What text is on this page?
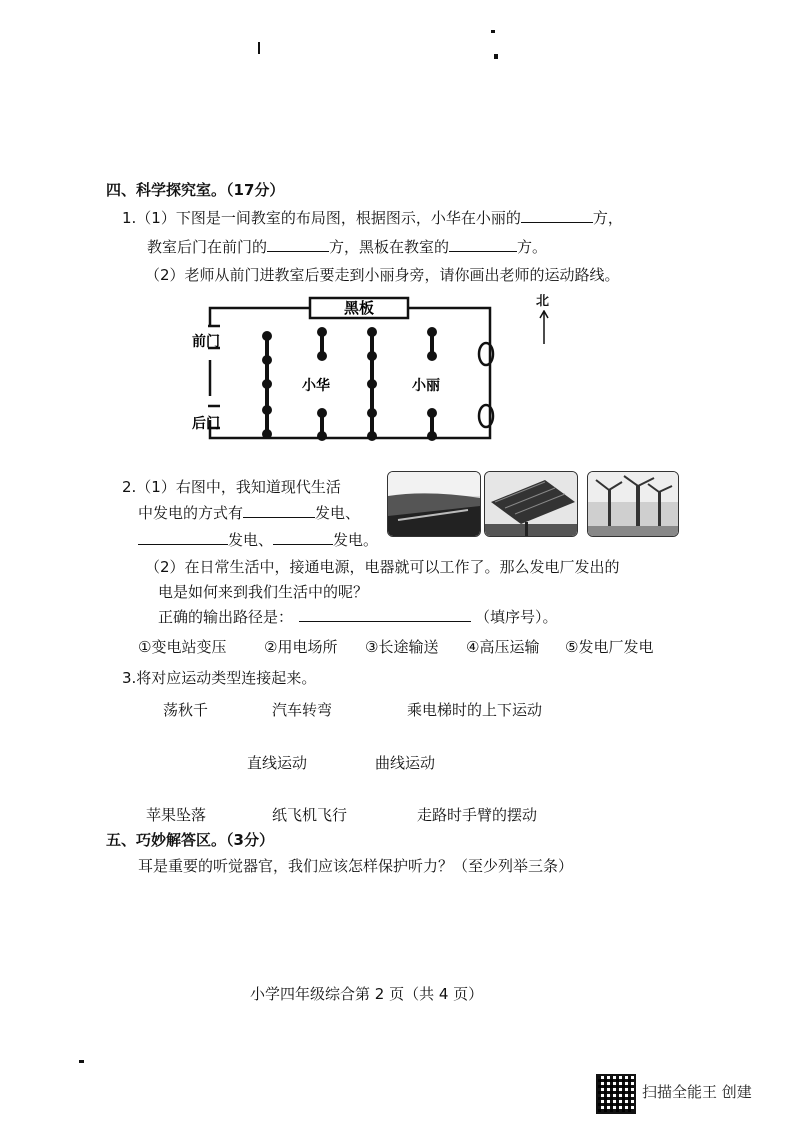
四、科学探究室。（17分）
1.（1）下图是一间教室的布局图，根据图示，小华在小丽的	方，
教室后门在前门的	方，黑板在教室的	方。
（2）老师从前门进教室后要走到小丽身旁，请你画出老师的运动路线。
黑板
前门
后门
小华	小丽
北
2.（1）右图中，我知道现代生活
中发电的方式有	发电、
发电、	发电。
（2）在日常生活中，接通电源，电器就可以工作了。那么发电厂发出的
电是如何来到我们生活中的呢？
正确的输出路径是：	（填序号）。
①变电站变压	②用电场所 ③长途输送 ④高压运输 ⑤发电厂发电
3.将对应运动类型连接起来。
荡秋千	汽车转弯	乘电梯时的上下运动
直线运动	曲线运动
苹果坠落	纸飞机飞行	走路时手臂的摆动
五、巧妙解答区。（3分）
耳是重要的听觉器官，我们应该怎样保护听力？（至少列举三条）
小学四年级综合第 2 页（共 4 页）
扫描全能王 创建
